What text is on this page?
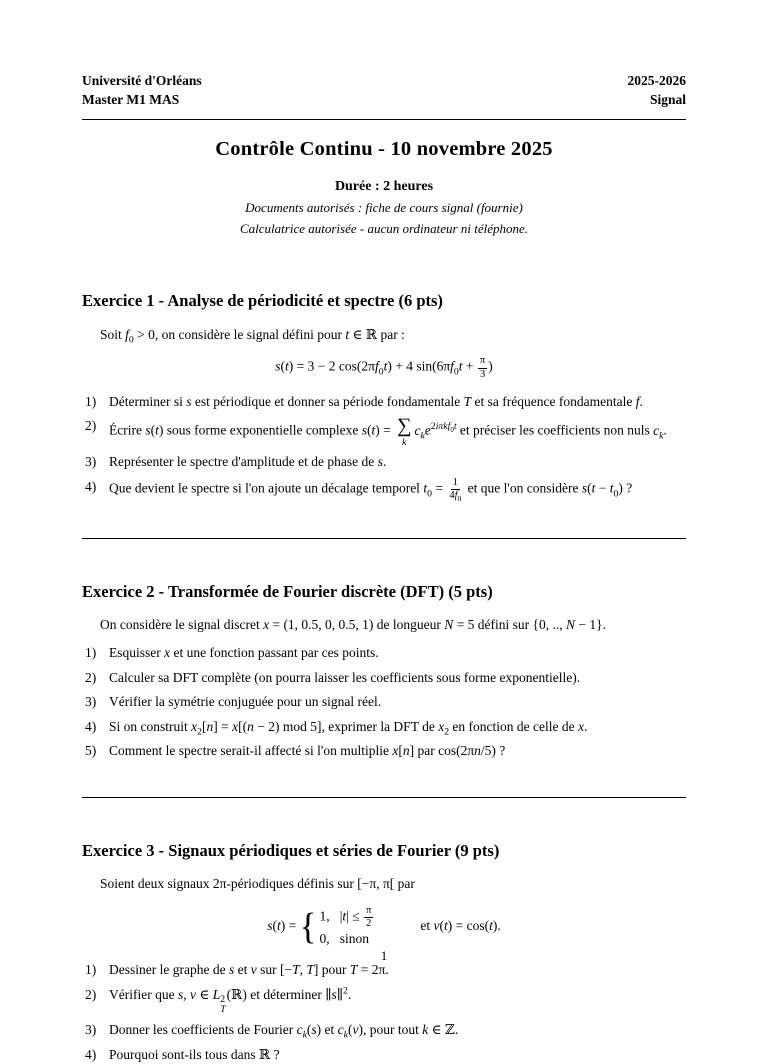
Université d'Orléans
Master M1 MAS
2025-2026
Signal
Contrôle Continu - 10 novembre 2025
Durée : 2 heures
Documents autorisés : fiche de cours signal (fournie)
Calculatrice autorisée - aucun ordinateur ni téléphone.
Exercice 1 - Analyse de périodicité et spectre (6 pts)

Soit $f_0 > 0$, on considère le signal défini pour t ∈ ℝ par :

s(t) = 3 − 2 $\cos(2\pi f_0t) + 4$ $\sin(6\pi f_0t + \frac{\pi}{3}$ )
1) Déterminer si s est périodique et donner sa période fondamentale T et sa fréquence fondamentale f.
2) Écrire s(t) sous forme exponentielle complexe s(t) = ∑
k
$c_ke^{2i\pi kf_0t}$ et préciser les coefficients non nuls $c_k$.
3) Représenter le spectre d'amplitude et de phase de s.
4) Que devient le spectre si l'on ajoute un décalage temporel $t_0 = \frac{1}{4f_0}$ et que l'on considère $s(t - t_0)$ ?
Exercice 2 - Transformée de Fourier discrète (DFT) (5 pts)

On considère le signal discret x = (1, 0.5, 0, 0.5, 1) de longueur N = 5 défini sur {0, .., N − 1}.

1) Esquisser x et une fonction passant par ces points.
2) Calculer sa DFT complète (on pourra laisser les coefficients sous forme exponentielle).
3) Vérifier la symétrie conjuguée pour un signal réel.
4) Si on construit $x_2[n] = x[(n - 2)$ mod 5], exprimer la DFT de $x_2$ en fonction de celle de x.
5) Comment le spectre serait-il affecté si l'on multiplie x[n] par cos(2πn/5) ?
Exercice 3 - Signaux périodiques et séries de Fourier (9 pts)

Soient deux signaux 2π-périodiques définis sur [−π, π[ par

s(t) = { 1,   $|t| \le \frac{\pi}{2}$
0,   sinon
et v(t) = cos(t).
1) Dessiner le graphe de s et v sur [−T, T] pour T = 2π.
2) Vérifier que s, v ∈ L 2
T
(ℝ) et déterminer ∥s∥$^2$.
3) Donner les coefficients de Fourier $c_k(s)$ et $c_k(v)$, pour tout k ∈ ℤ.
4) Pourquoi sont-ils tous dans ℝ ?
1
